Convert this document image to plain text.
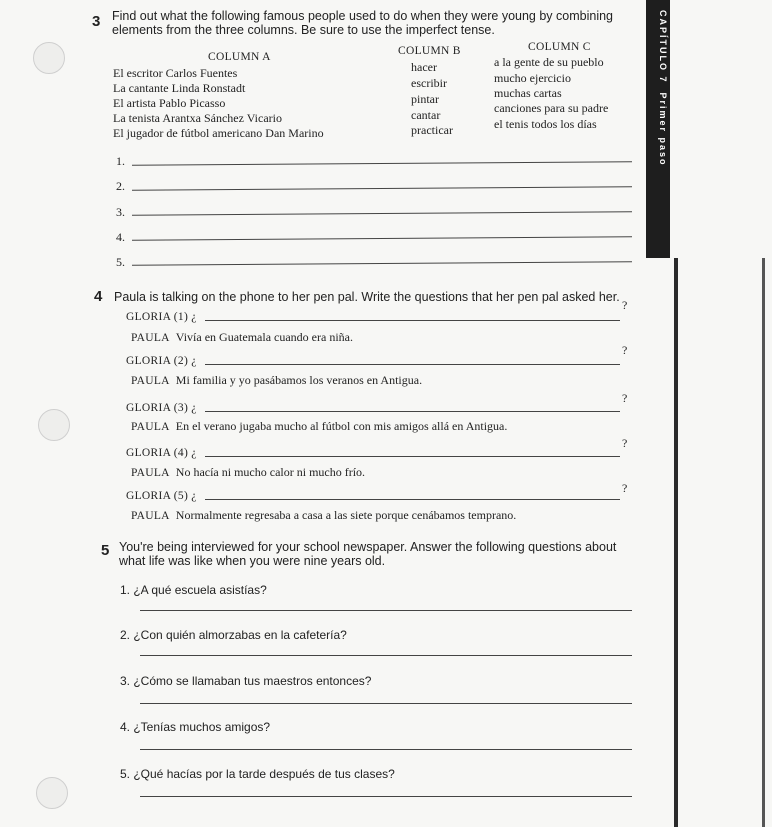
CAPÍTULO 7  Primer paso
3 Find out what the following famous people used to do when they were young by combining
elements from the three columns. Be sure to use the imperfect tense.
COLUMN A	COLUMN B	COLUMN C
El escritor Carlos Fuentes
La cantante Linda Ronstadt
El artista Pablo Picasso
La tenista Arantxa Sánchez Vicario
El jugador de fútbol americano Dan Marino
hacer
escribir
pintar
cantar
practicar
a la gente de su pueblo
mucho ejercicio
muchas cartas
canciones para su padre
el tenis todos los días
1.
2.
3.
4.
5.
4 Paula is talking on the phone to her pen pal. Write the questions that her pen pal asked her.
GLORIA (1) ¿
?
PAULA Vivía en Guatemala cuando era niña.
GLORIA (2) ¿
?
PAULA Mi familia y yo pasábamos los veranos en Antigua.
GLORIA (3) ¿
?
PAULA En el verano jugaba mucho al fútbol con mis amigos allá en Antigua.
GLORIA (4) ¿
?
PAULA No hacía ni mucho calor ni mucho frío.
GLORIA (5) ¿
?
PAULA Normalmente regresaba a casa a las siete porque cenábamos temprano.
5 You're being interviewed for your school newspaper. Answer the following questions about
what life was like when you were nine years old.
1. ¿A qué escuela asistías?
2. ¿Con quién almorzabas en la cafetería?
3. ¿Cómo se llamaban tus maestros entonces?
4. ¿Tenías muchos amigos?
5. ¿Qué hacías por la tarde después de tus clases?
